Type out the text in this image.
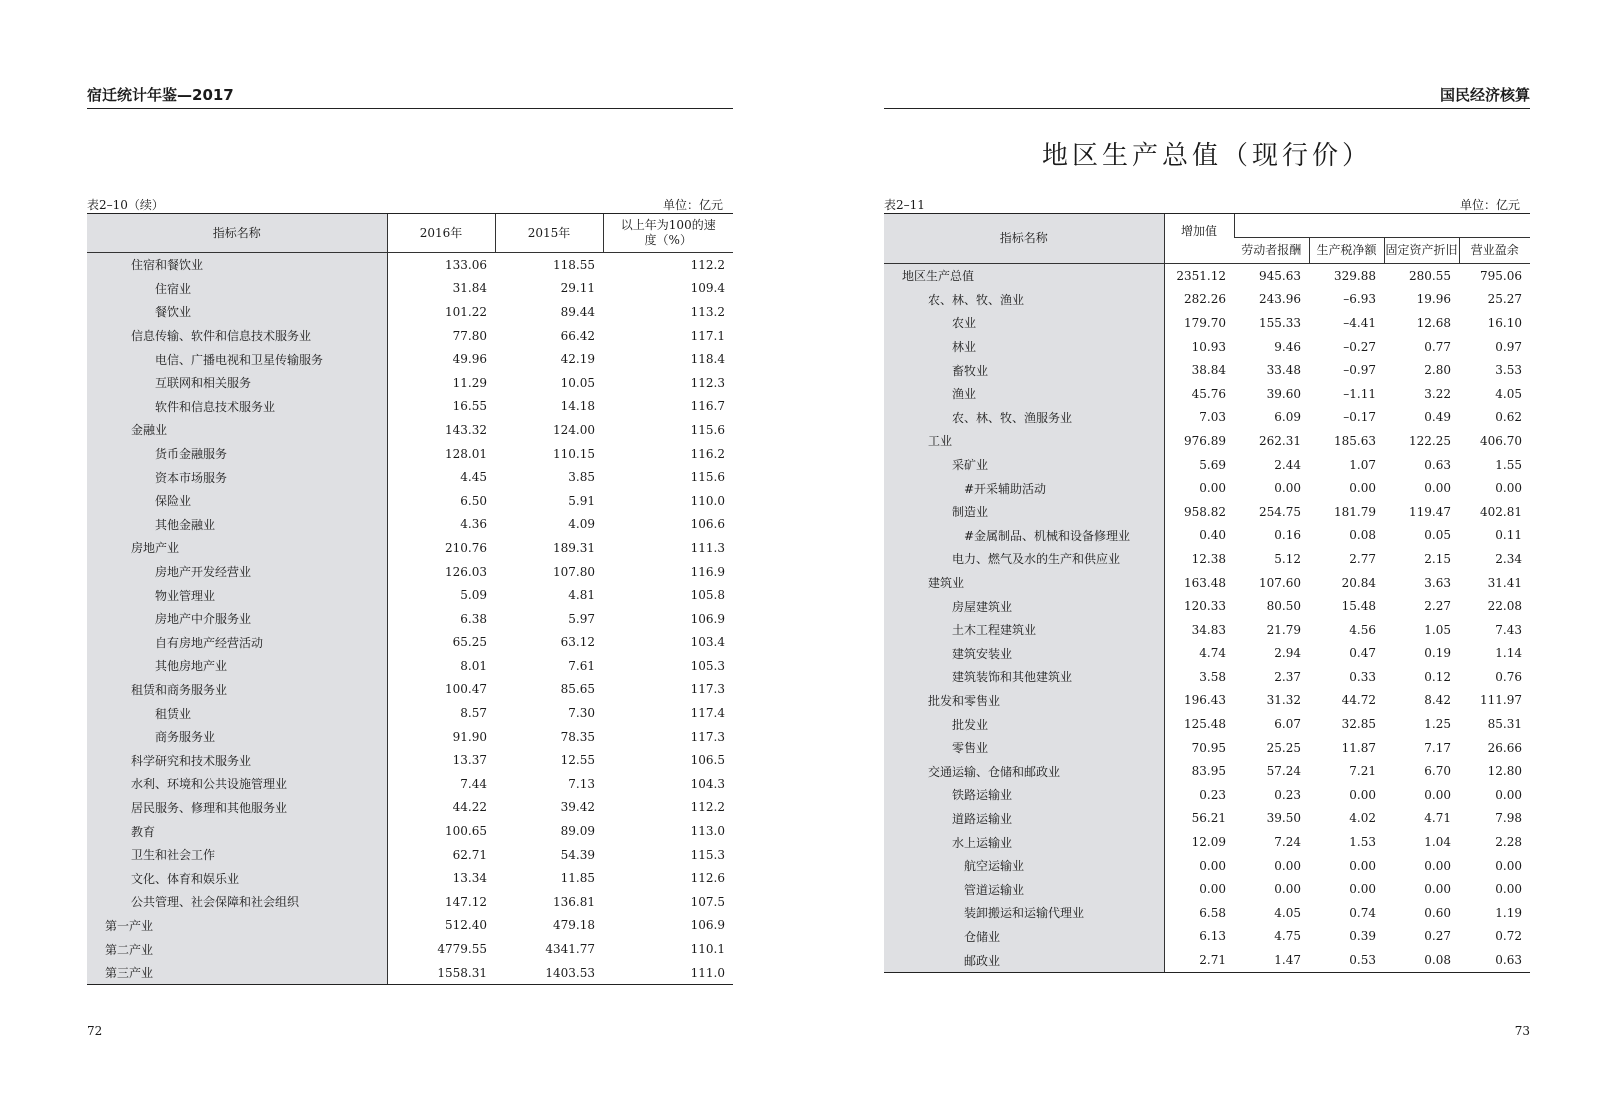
宿迁统计年鉴—2017
表2–10（续）	单位：亿元
指标名称	2016年	2015年	以上年为100的速度（%）
住宿和餐饮业	133.06	118.55	112.2
住宿业	31.84	29.11	109.4
餐饮业	101.22	89.44	113.2
信息传输、软件和信息技术服务业	77.80	66.42	117.1
电信、广播电视和卫星传输服务	49.96	42.19	118.4
互联网和相关服务	11.29	10.05	112.3
软件和信息技术服务业	16.55	14.18	116.7
金融业	143.32	124.00	115.6
货币金融服务	128.01	110.15	116.2
资本市场服务	4.45	3.85	115.6
保险业	6.50	5.91	110.0
其他金融业	4.36	4.09	106.6
房地产业	210.76	189.31	111.3
房地产开发经营业	126.03	107.80	116.9
物业管理业	5.09	4.81	105.8
房地产中介服务业	6.38	5.97	106.9
自有房地产经营活动	65.25	63.12	103.4
其他房地产业	8.01	7.61	105.3
租赁和商务服务业	100.47	85.65	117.3
租赁业	8.57	7.30	117.4
商务服务业	91.90	78.35	117.3
科学研究和技术服务业	13.37	12.55	106.5
水利、环境和公共设施管理业	7.44	7.13	104.3
居民服务、修理和其他服务业	44.22	39.42	112.2
教育	100.65	89.09	113.0
卫生和社会工作	62.71	54.39	115.3
文化、体育和娱乐业	13.34	11.85	112.6
公共管理、社会保障和社会组织	147.12	136.81	107.5
第一产业	512.40	479.18	106.9
第二产业	4779.55	4341.77	110.1
第三产业	1558.31	1403.53	111.0
72
国民经济核算
地区生产总值（现行价）
表2–11	单位：亿元
指标名称	增加值				
		劳动者报酬	生产税净额	固定资产折旧	营业盈余
地区生产总值	2351.12	945.63	329.88	280.55	795.06
农、林、牧、渔业	282.26	243.96	–6.93	19.96	25.27
农业	179.70	155.33	–4.41	12.68	16.10
林业	10.93	9.46	–0.27	0.77	0.97
畜牧业	38.84	33.48	–0.97	2.80	3.53
渔业	45.76	39.60	–1.11	3.22	4.05
农、林、牧、渔服务业	7.03	6.09	–0.17	0.49	0.62
工业	976.89	262.31	185.63	122.25	406.70
采矿业	5.69	2.44	1.07	0.63	1.55
#开采辅助活动	0.00	0.00	0.00	0.00	0.00
制造业	958.82	254.75	181.79	119.47	402.81
#金属制品、机械和设备修理业	0.40	0.16	0.08	0.05	0.11
电力、燃气及水的生产和供应业	12.38	5.12	2.77	2.15	2.34
建筑业	163.48	107.60	20.84	3.63	31.41
房屋建筑业	120.33	80.50	15.48	2.27	22.08
土木工程建筑业	34.83	21.79	4.56	1.05	7.43
建筑安装业	4.74	2.94	0.47	0.19	1.14
建筑装饰和其他建筑业	3.58	2.37	0.33	0.12	0.76
批发和零售业	196.43	31.32	44.72	8.42	111.97
批发业	125.48	6.07	32.85	1.25	85.31
零售业	70.95	25.25	11.87	7.17	26.66
交通运输、仓储和邮政业	83.95	57.24	7.21	6.70	12.80
铁路运输业	0.23	0.23	0.00	0.00	0.00
道路运输业	56.21	39.50	4.02	4.71	7.98
水上运输业	12.09	7.24	1.53	1.04	2.28
航空运输业	0.00	0.00	0.00	0.00	0.00
管道运输业	0.00	0.00	0.00	0.00	0.00
装卸搬运和运输代理业	6.58	4.05	0.74	0.60	1.19
仓储业	6.13	4.75	0.39	0.27	0.72
邮政业	2.71	1.47	0.53	0.08	0.63
73
